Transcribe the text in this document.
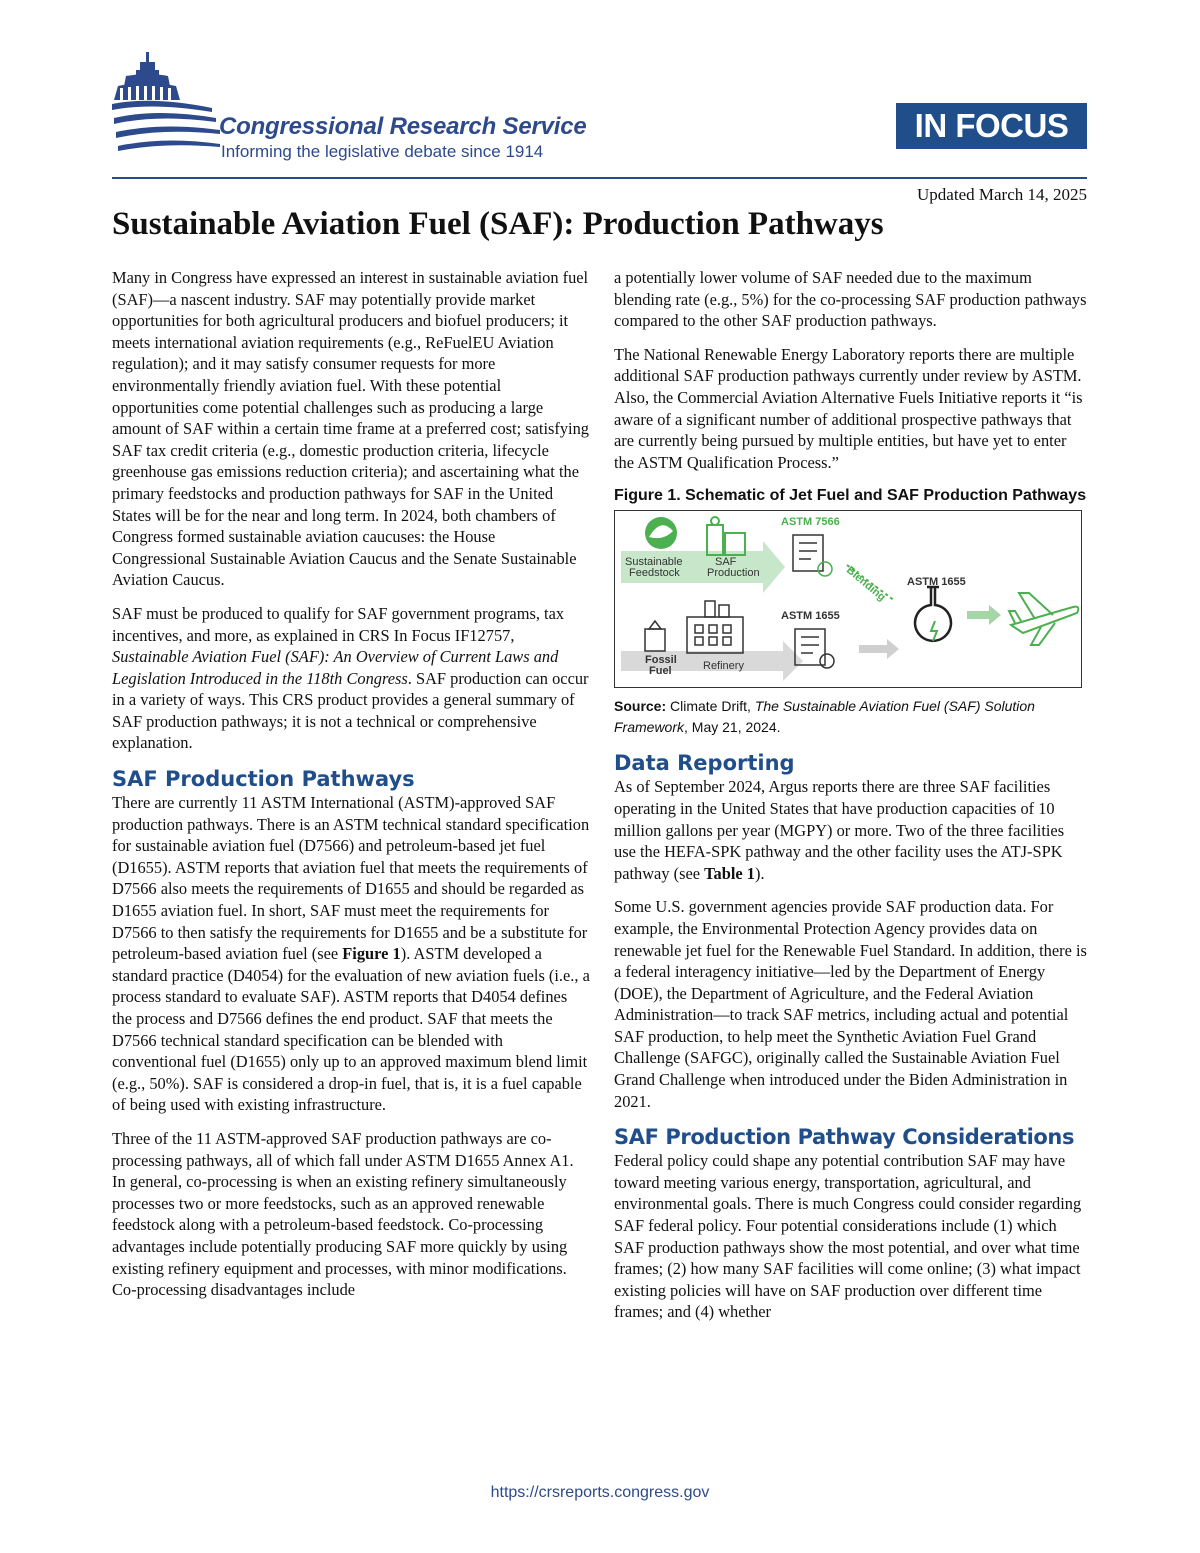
Congressional Research Service
Informing the legislative debate since 1914
IN FOCUS
Updated March 14, 2025
Sustainable Aviation Fuel (SAF): Production Pathways

Many in Congress have expressed an interest in sustainable aviation fuel (SAF)—a nascent industry. SAF may potentially provide market opportunities for both agricultural producers and biofuel producers; it meets international aviation requirements (e.g., ReFuelEU Aviation regulation); and it may satisfy consumer requests for more environmentally friendly aviation fuel. With these potential opportunities come potential challenges such as producing a large amount of SAF within a certain time frame at a preferred cost; satisfying SAF tax credit criteria (e.g., domestic production criteria, lifecycle greenhouse gas emissions reduction criteria); and ascertaining what the primary feedstocks and production pathways for SAF in the United States will be for the near and long term. In 2024, both chambers of Congress formed sustainable aviation caucuses: the House Congressional Sustainable Aviation Caucus and the Senate Sustainable Aviation Caucus.

SAF must be produced to qualify for SAF government programs, tax incentives, and more, as explained in CRS In Focus IF12757, Sustainable Aviation Fuel (SAF): An Overview of Current Laws and Legislation Introduced in the 118th Congress. SAF production can occur in a variety of ways. This CRS product provides a general summary of SAF production pathways; it is not a technical or comprehensive explanation.

SAF Production Pathways

There are currently 11 ASTM International (ASTM)-approved SAF production pathways. There is an ASTM technical standard specification for sustainable aviation fuel (D7566) and petroleum-based jet fuel (D1655). ASTM reports that aviation fuel that meets the requirements of D7566 also meets the requirements of D1655 and should be regarded as D1655 aviation fuel. In short, SAF must meet the requirements for D7566 to then satisfy the requirements for D1655 and be a substitute for petroleum-based aviation fuel (see Figure 1). ASTM developed a standard practice (D4054) for the evaluation of new aviation fuels (i.e., a process standard to evaluate SAF). ASTM reports that D4054 defines the process and D7566 defines the end product. SAF that meets the D7566 technical standard specification can be blended with conventional fuel (D1655) only up to an approved maximum blend limit (e.g., 50%). SAF is considered a drop-in fuel, that is, it is a fuel capable of being used with existing infrastructure.

Three of the 11 ASTM-approved SAF production pathways are co-processing pathways, all of which fall under ASTM D1655 Annex A1. In general, co-processing is when an existing refinery simultaneously processes two or more feedstocks, such as an approved renewable feedstock along with a petroleum-based feedstock. Co-processing advantages include potentially producing SAF more quickly by using existing refinery equipment and processes, with minor modifications. Co-processing disadvantages include

a potentially lower volume of SAF needed due to the maximum blending rate (e.g., 5%) for the co-processing SAF production pathways compared to the other SAF production pathways.

The National Renewable Energy Laboratory reports there are multiple additional SAF production pathways currently under review by ASTM. Also, the Commercial Aviation Alternative Fuels Initiative reports it “is aware of a significant number of additional prospective pathways that are currently being pursued by multiple entities, but have yet to enter the ASTM Qualification Process.”

Figure 1. Schematic of Jet Fuel and SAF Production Pathways
ASTM 7566
Blending ASTM 1655
Sustainable
Feedstock
SAF
Production
ASTM 1655
Fossil
Fuel	Refinery

Source: Climate Drift, The Sustainable Aviation Fuel (SAF) Solution Framework, May 21, 2024.

Data Reporting

As of September 2024, Argus reports there are three SAF facilities operating in the United States that have production capacities of 10 million gallons per year (MGPY) or more. Two of the three facilities use the HEFA-SPK pathway and the other facility uses the ATJ-SPK pathway (see Table 1).

Some U.S. government agencies provide SAF production data. For example, the Environmental Protection Agency provides data on renewable jet fuel for the Renewable Fuel Standard. In addition, there is a federal interagency initiative—led by the Department of Energy (DOE), the Department of Agriculture, and the Federal Aviation Administration—to track SAF metrics, including actual and potential SAF production, to help meet the Synthetic Aviation Fuel Grand Challenge (SAFGC), originally called the Sustainable Aviation Fuel Grand Challenge when introduced under the Biden Administration in 2021.

SAF Production Pathway Considerations

Federal policy could shape any potential contribution SAF may have toward meeting various energy, transportation, agricultural, and environmental goals. There is much Congress could consider regarding SAF federal policy. Four potential considerations include (1) which SAF production pathways show the most potential, and over what time frames; (2) how many SAF facilities will come online; (3) what impact existing policies will have on SAF production over different time frames; and (4) whether

https://crsreports.congress.gov
